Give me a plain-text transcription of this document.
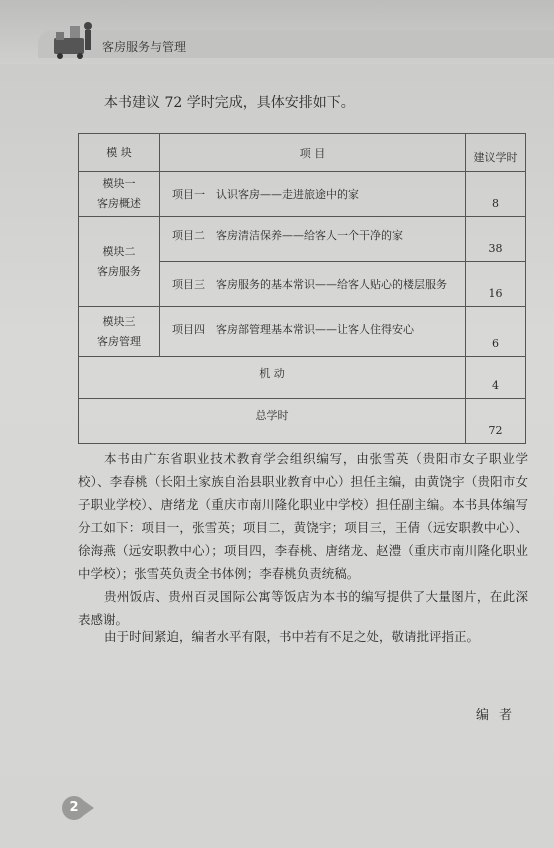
客房服务与管理
本书建议 72 学时完成，具体安排如下。
模 块	项 目	建议学时
模块一
客房概述	项目一　认识客房——走进旅途中的家	8
模块二
客房服务	项目二　客房清洁保养——给客人一个干净的家	38
	项目三　客房服务的基本常识——给客人贴心的楼层服务	16
模块三
客房管理	项目四　客房部管理基本常识——让客人住得安心	6
机 动		4
总学时		72

本书由广东省职业技术教育学会组织编写，由张雪英（贵阳市女子职业学校）、李春桃（长阳土家族自治县职业教育中心）担任主编，由黄饶宇（贵阳市女子职业学校）、唐绪龙（重庆市南川隆化职业中学校）担任副主编。本书具体编写分工如下：项目一，张雪英；项目二，黄饶宇；项目三，王倩（远安职教中心）、徐海燕（远安职教中心）；项目四，李春桃、唐绪龙、赵澧（重庆市南川隆化职业中学校）；张雪英负责全书体例；李春桃负责统稿。

贵州饭店、贵州百灵国际公寓等饭店为本书的编写提供了大量图片，在此深表感谢。

由于时间紧迫，编者水平有限，书中若有不足之处，敬请批评指正。

编者
2
